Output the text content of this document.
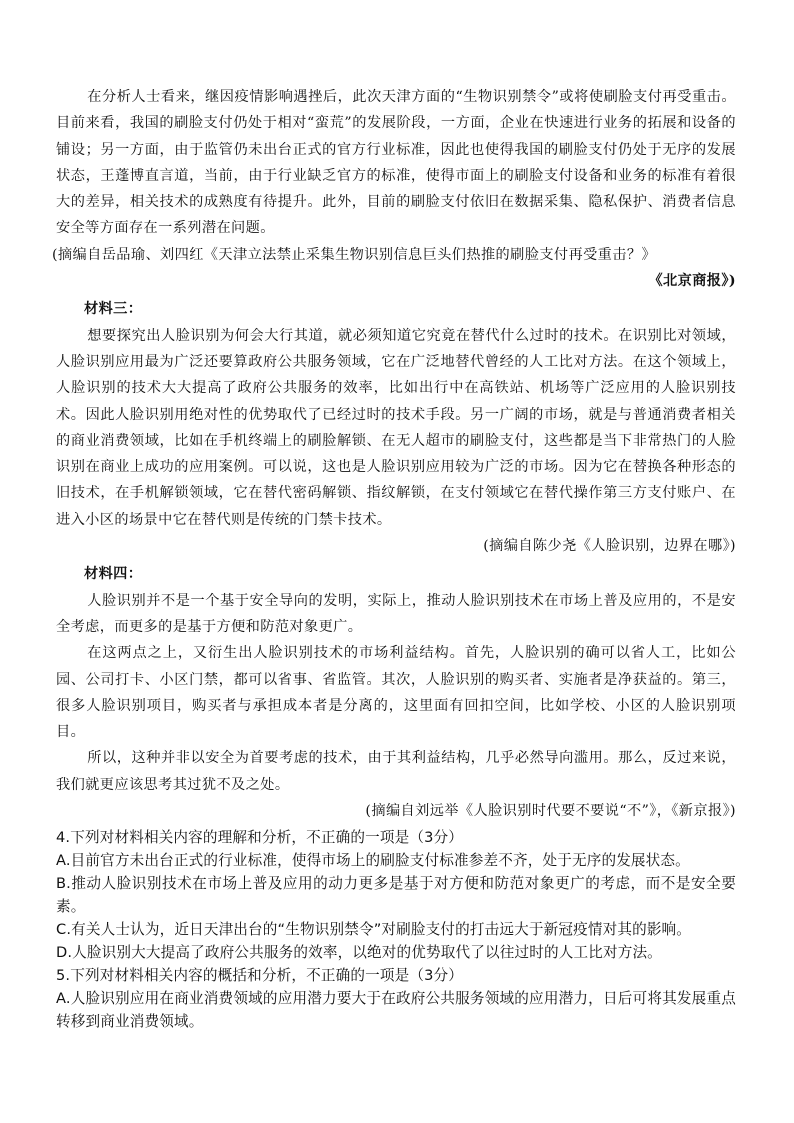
在分析人士看来，继因疫情影响遇挫后，此次天津方面的“生物识别禁令”或将使刷脸支付再受重击。目前来看，我国的刷脸支付仍处于相对“蛮荒”的发展阶段，一方面，企业在快速进行业务的拓展和设备的铺设；另一方面，由于监管仍未出台正式的官方行业标准，因此也使得我国的刷脸支付仍处于无序的发展状态，王蓬博直言道，当前，由于行业缺乏官方的标准，使得市面上的刷脸支付设备和业务的标准有着很大的差异，相关技术的成熟度有待提升。此外，目前的刷脸支付依旧在数据采集、隐私保护、消费者信息安全等方面存在一系列潜在问题。

(摘编自岳品瑜、刘四红《天津立法禁止采集生物识别信息巨头们热推的刷脸支付再受重击？》

《北京商报》)

材料三：

想要探究出人脸识别为何会大行其道，就必须知道它究竟在替代什么过时的技术。在识别比对领域，人脸识别应用最为广泛还要算政府公共服务领域，它在广泛地替代曾经的人工比对方法。在这个领域上，人脸识别的技术大大提高了政府公共服务的效率，比如出行中在高铁站、机场等广泛应用的人脸识别技术。因此人脸识别用绝对性的优势取代了已经过时的技术手段。另一广阔的市场，就是与普通消费者相关的商业消费领域，比如在手机终端上的刷脸解锁、在无人超市的刷脸支付，这些都是当下非常热门的人脸识别在商业上成功的应用案例。可以说，这也是人脸识别应用较为广泛的市场。因为它在替换各种形态的旧技术，在手机解锁领域，它在替代密码解锁、指纹解锁，在支付领域它在替代操作第三方支付账户、在进入小区的场景中它在替代则是传统的门禁卡技术。

(摘编自陈少尧《人脸识别，边界在哪》)

材料四：

人脸识别并不是一个基于安全导向的发明，实际上，推动人脸识别技术在市场上普及应用的，不是安全考虑，而更多的是基于方便和防范对象更广。

在这两点之上，又衍生出人脸识别技术的市场利益结构。首先，人脸识别的确可以省人工，比如公园、公司打卡、小区门禁，都可以省事、省监管。其次，人脸识别的购买者、实施者是净获益的。第三，很多人脸识别项目，购买者与承担成本者是分离的，这里面有回扣空间，比如学校、小区的人脸识别项目。

所以，这种并非以安全为首要考虑的技术，由于其利益结构，几乎必然导向滥用。那么，反过来说，我们就更应该思考其过犹不及之处。

(摘编自刘远举《人脸识别时代要不要说“不”》，《新京报》)

4.下列对材料相关内容的理解和分析，不正确的一项是（3分）

A.目前官方未出台正式的行业标准，使得市场上的刷脸支付标准参差不齐，处于无序的发展状态。

B.推动人脸识别技术在市场上普及应用的动力更多是基于对方便和防范对象更广的考虑，而不是安全要素。

C.有关人士认为，近日天津出台的“生物识别禁令”对刷脸支付的打击远大于新冠疫情对其的影响。

D.人脸识别大大提高了政府公共服务的效率，以绝对的优势取代了以往过时的人工比对方法。

5.下列对材料相关内容的概括和分析，不正确的一项是（3分）

A.人脸识别应用在商业消费领域的应用潜力要大于在政府公共服务领域的应用潜力，日后可将其发展重点转移到商业消费领域。
